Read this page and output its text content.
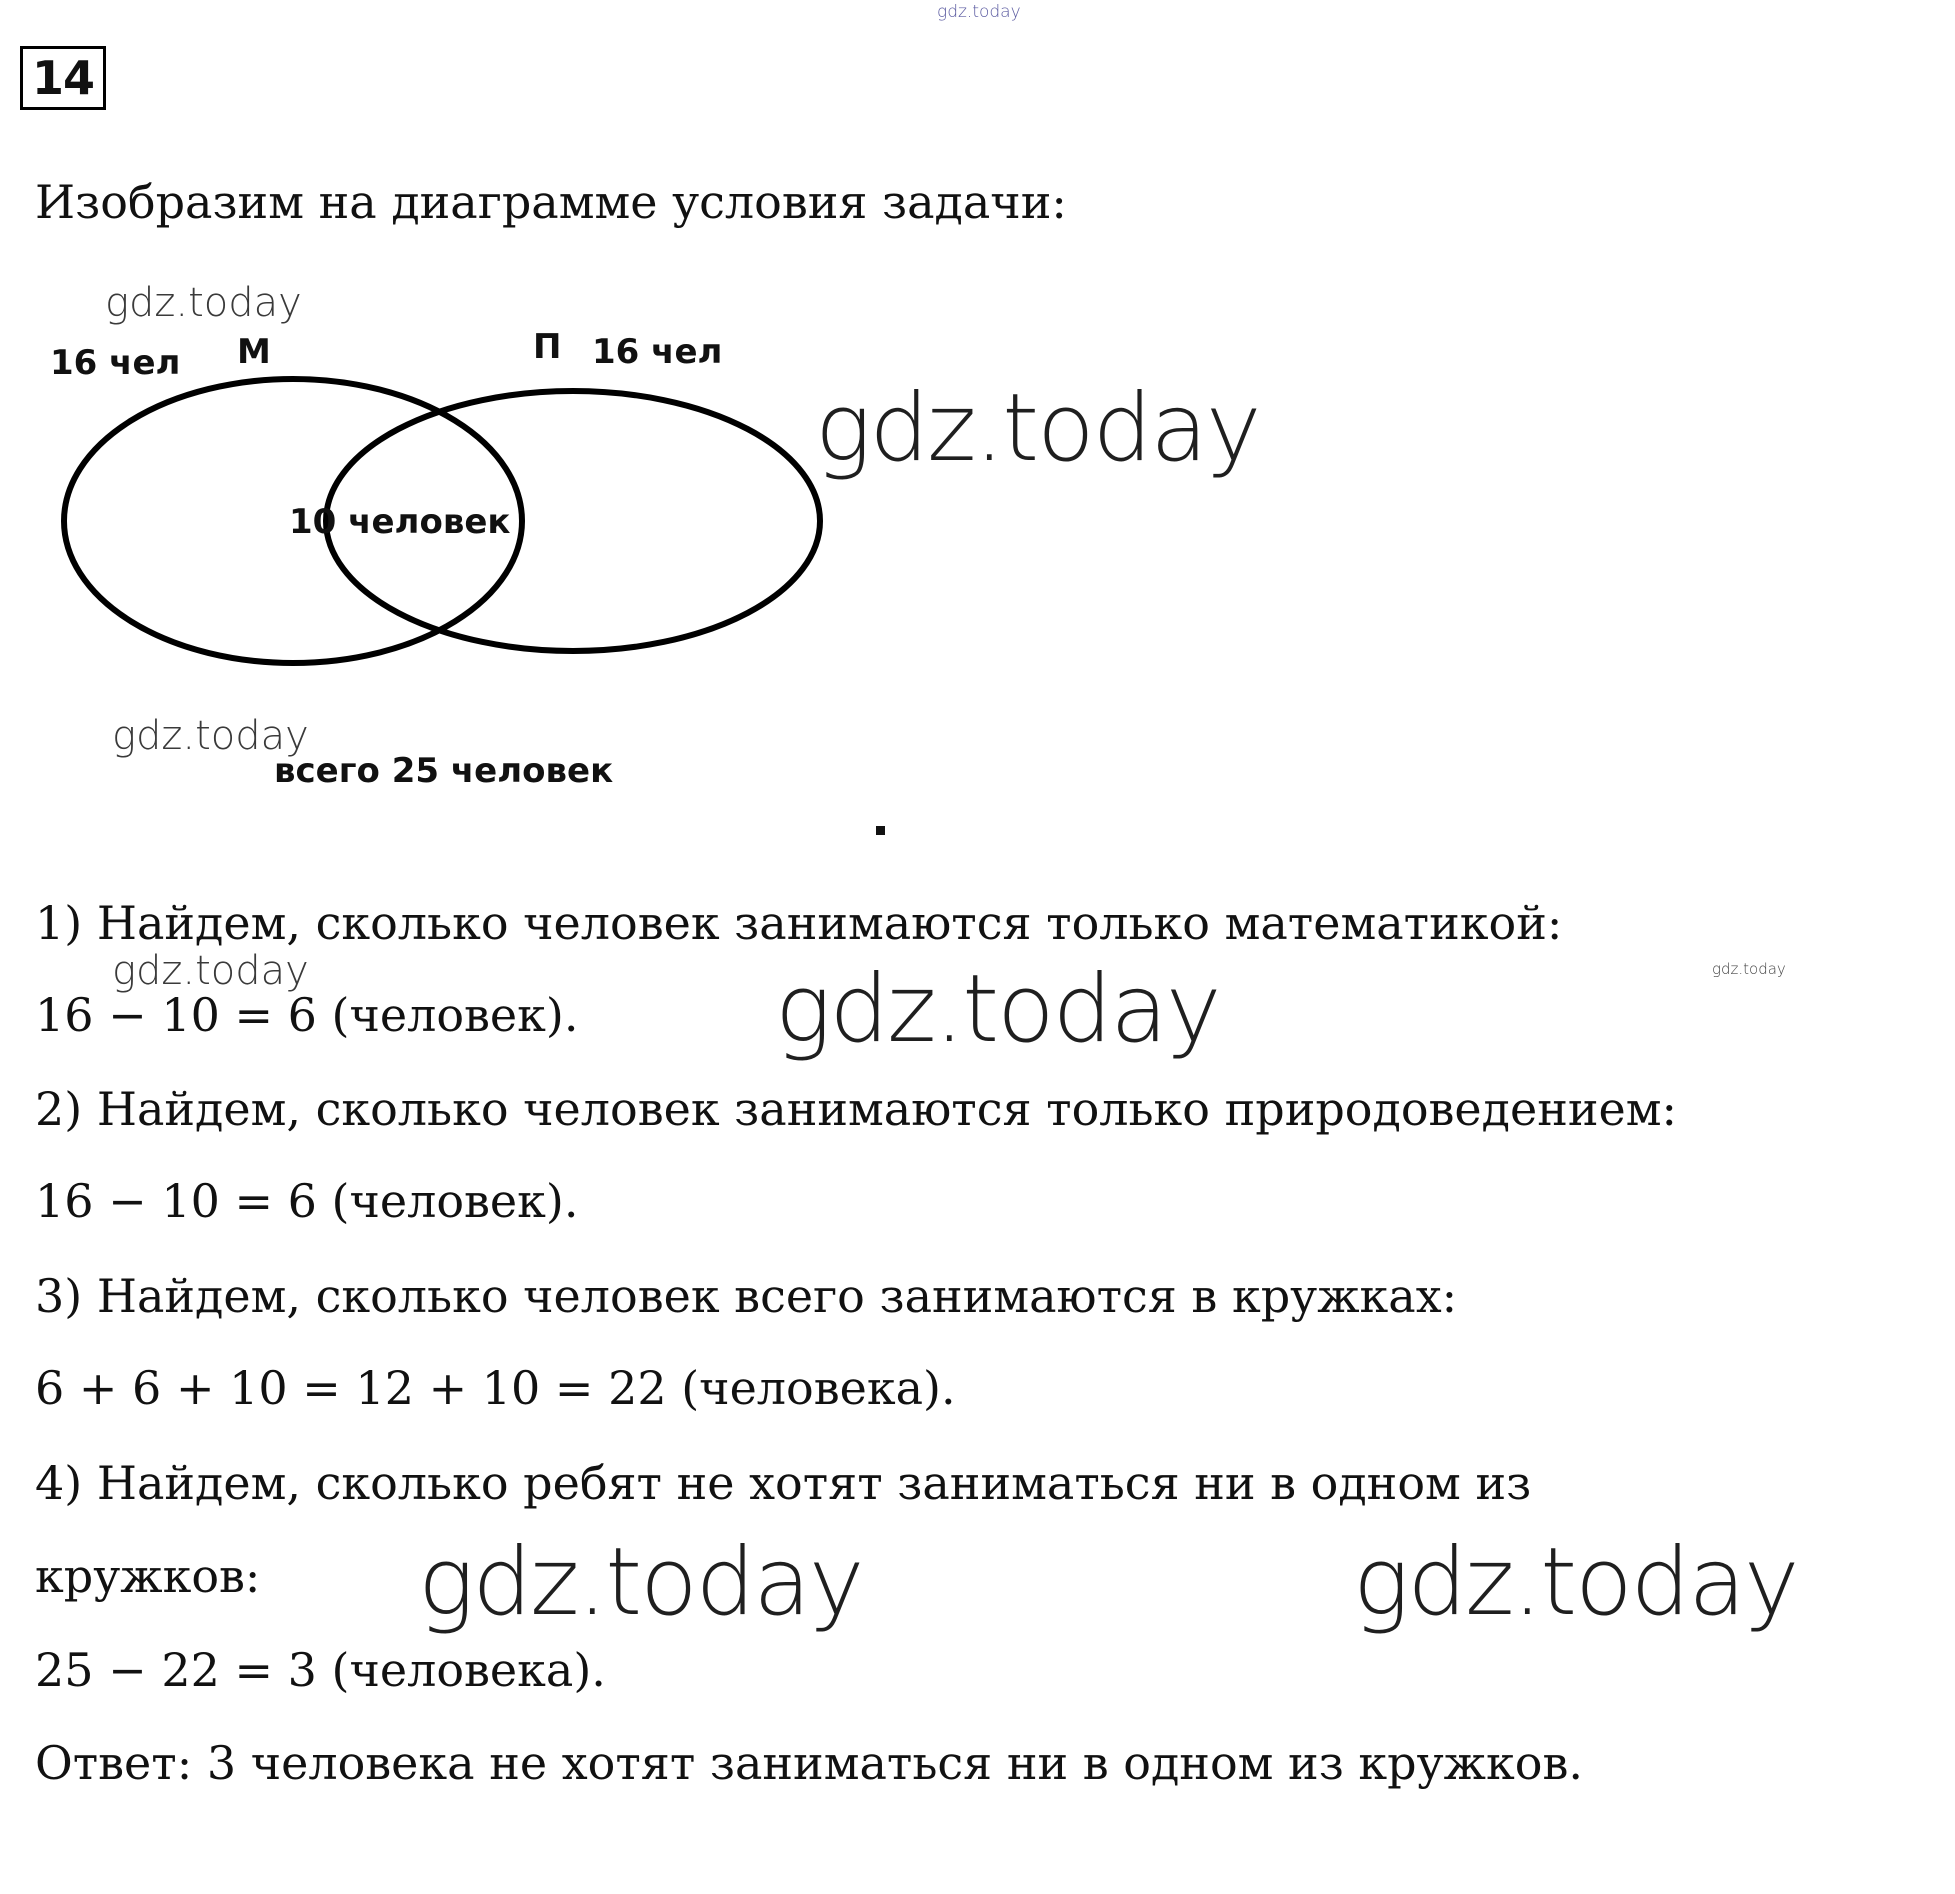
14
Изобразим на диаграмме условия задачи:
16 чел М	П 16 чел
10 человек
всего 25 человек
1) Найдем, сколько человек занимаются только математикой:
16 − 10 = 6 (человек).
2) Найдем, сколько человек занимаются только природоведением:
16 − 10 = 6 (человек).
3) Найдем, сколько человек всего занимаются в кружках:
6 + 6 + 10 = 12 + 10 = 22 (человека).
4) Найдем, сколько ребят не хотят заниматься ни в одном из
кружков:
25 − 22 = 3 (человека).
Ответ: 3 человека не хотят заниматься ни в одном из кружков.
gdz.today
gdz.today
gdz.today
gdz.today
gdz.today	gdz.today	gdz.today
gdz.today	gdz.today
